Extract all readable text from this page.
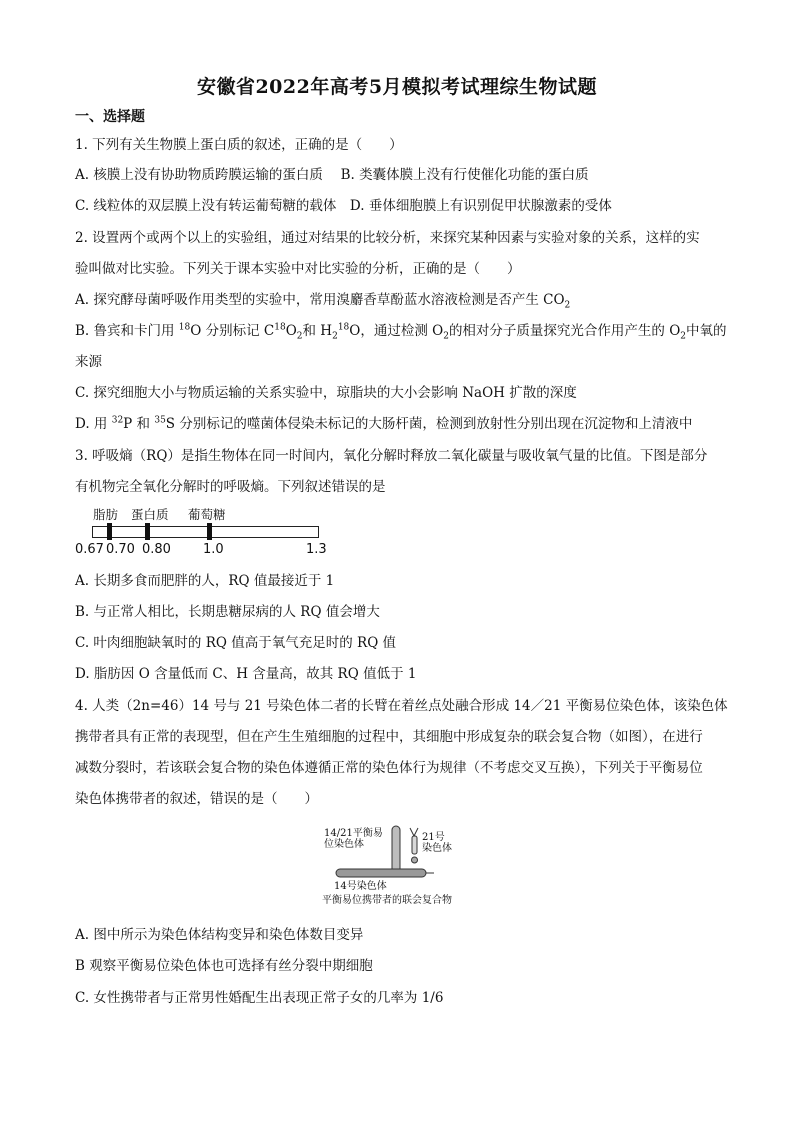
安徽省2022年高考5月模拟考试理综生物试题
一、选择题
1. 下列有关生物膜上蛋白质的叙述，正确的是（　　）
A. 核膜上没有协助物质跨膜运输的蛋白质　 B. 类囊体膜上没有行使催化功能的蛋白质
C. 线粒体的双层膜上没有转运葡萄糖的载体　D. 垂体细胞膜上有识别促甲状腺激素的受体
2. 设置两个或两个以上的实验组，通过对结果的比较分析，来探究某种因素与实验对象的关系，这样的实
验叫做对比实验。下列关于课本实验中对比实验的分析，正确的是（　　）
A. 探究酵母菌呼吸作用类型的实验中，常用溴麝香草酚蓝水溶液检测是否产生 $CO_2$
B. 鲁宾和卡门用 $^{18}$O 分别标记 $C^{18}O_2$和 $H_2^{18}O$，通过检测 $O_2$的相对分子质量探究光合作用产生的 $O_2$中氧的
来源
C. 探究细胞大小与物质运输的关系实验中，琼脂块的大小会影响 NaOH 扩散的深度
D. 用 $^{32}$P 和 $^{35}$S 分别标记的噬菌体侵染未标记的大肠杆菌，检测到放射性分别出现在沉淀物和上清液中
3. 呼吸熵（RQ）是指生物体在同一时间内，氧化分解时释放二氧化碳量与吸收氧气量的比值。下图是部分
有机物完全氧化分解时的呼吸熵。下列叙述错误的是
脂肪 蛋白质 葡萄糖
0.67 0.70 0.80 1.0	1.3
A. 长期多食而肥胖的人，RQ 值最接近于 1
B. 与正常人相比，长期患糖尿病的人 RQ 值会增大
C. 叶肉细胞缺氧时的 RQ 值高于氧气充足时的 RQ 值
D. 脂肪因 O 含量低而 C、H 含量高，故其 RQ 值低于 1
4. 人类（2n=46）14 号与 21 号染色体二者的长臂在着丝点处融合形成 14／21 平衡易位染色体，该染色体
携带者具有正常的表现型，但在产生生殖细胞的过程中，其细胞中形成复杂的联会复合物（如图），在进行
减数分裂时，若该联会复合物的染色体遵循正常的染色体行为规律（不考虑交叉互换），下列关于平衡易位
染色体携带者的叙述，错误的是（　　）
14/21平衡易
位染色体
21号
染色体
14号染色体
平衡易位携带者的联会复合物
A. 图中所示为染色体结构变异和染色体数目变异
B 观察平衡易位染色体也可选择有丝分裂中期细胞
C. 女性携带者与正常男性婚配生出表现正常子女的几率为 1/6
